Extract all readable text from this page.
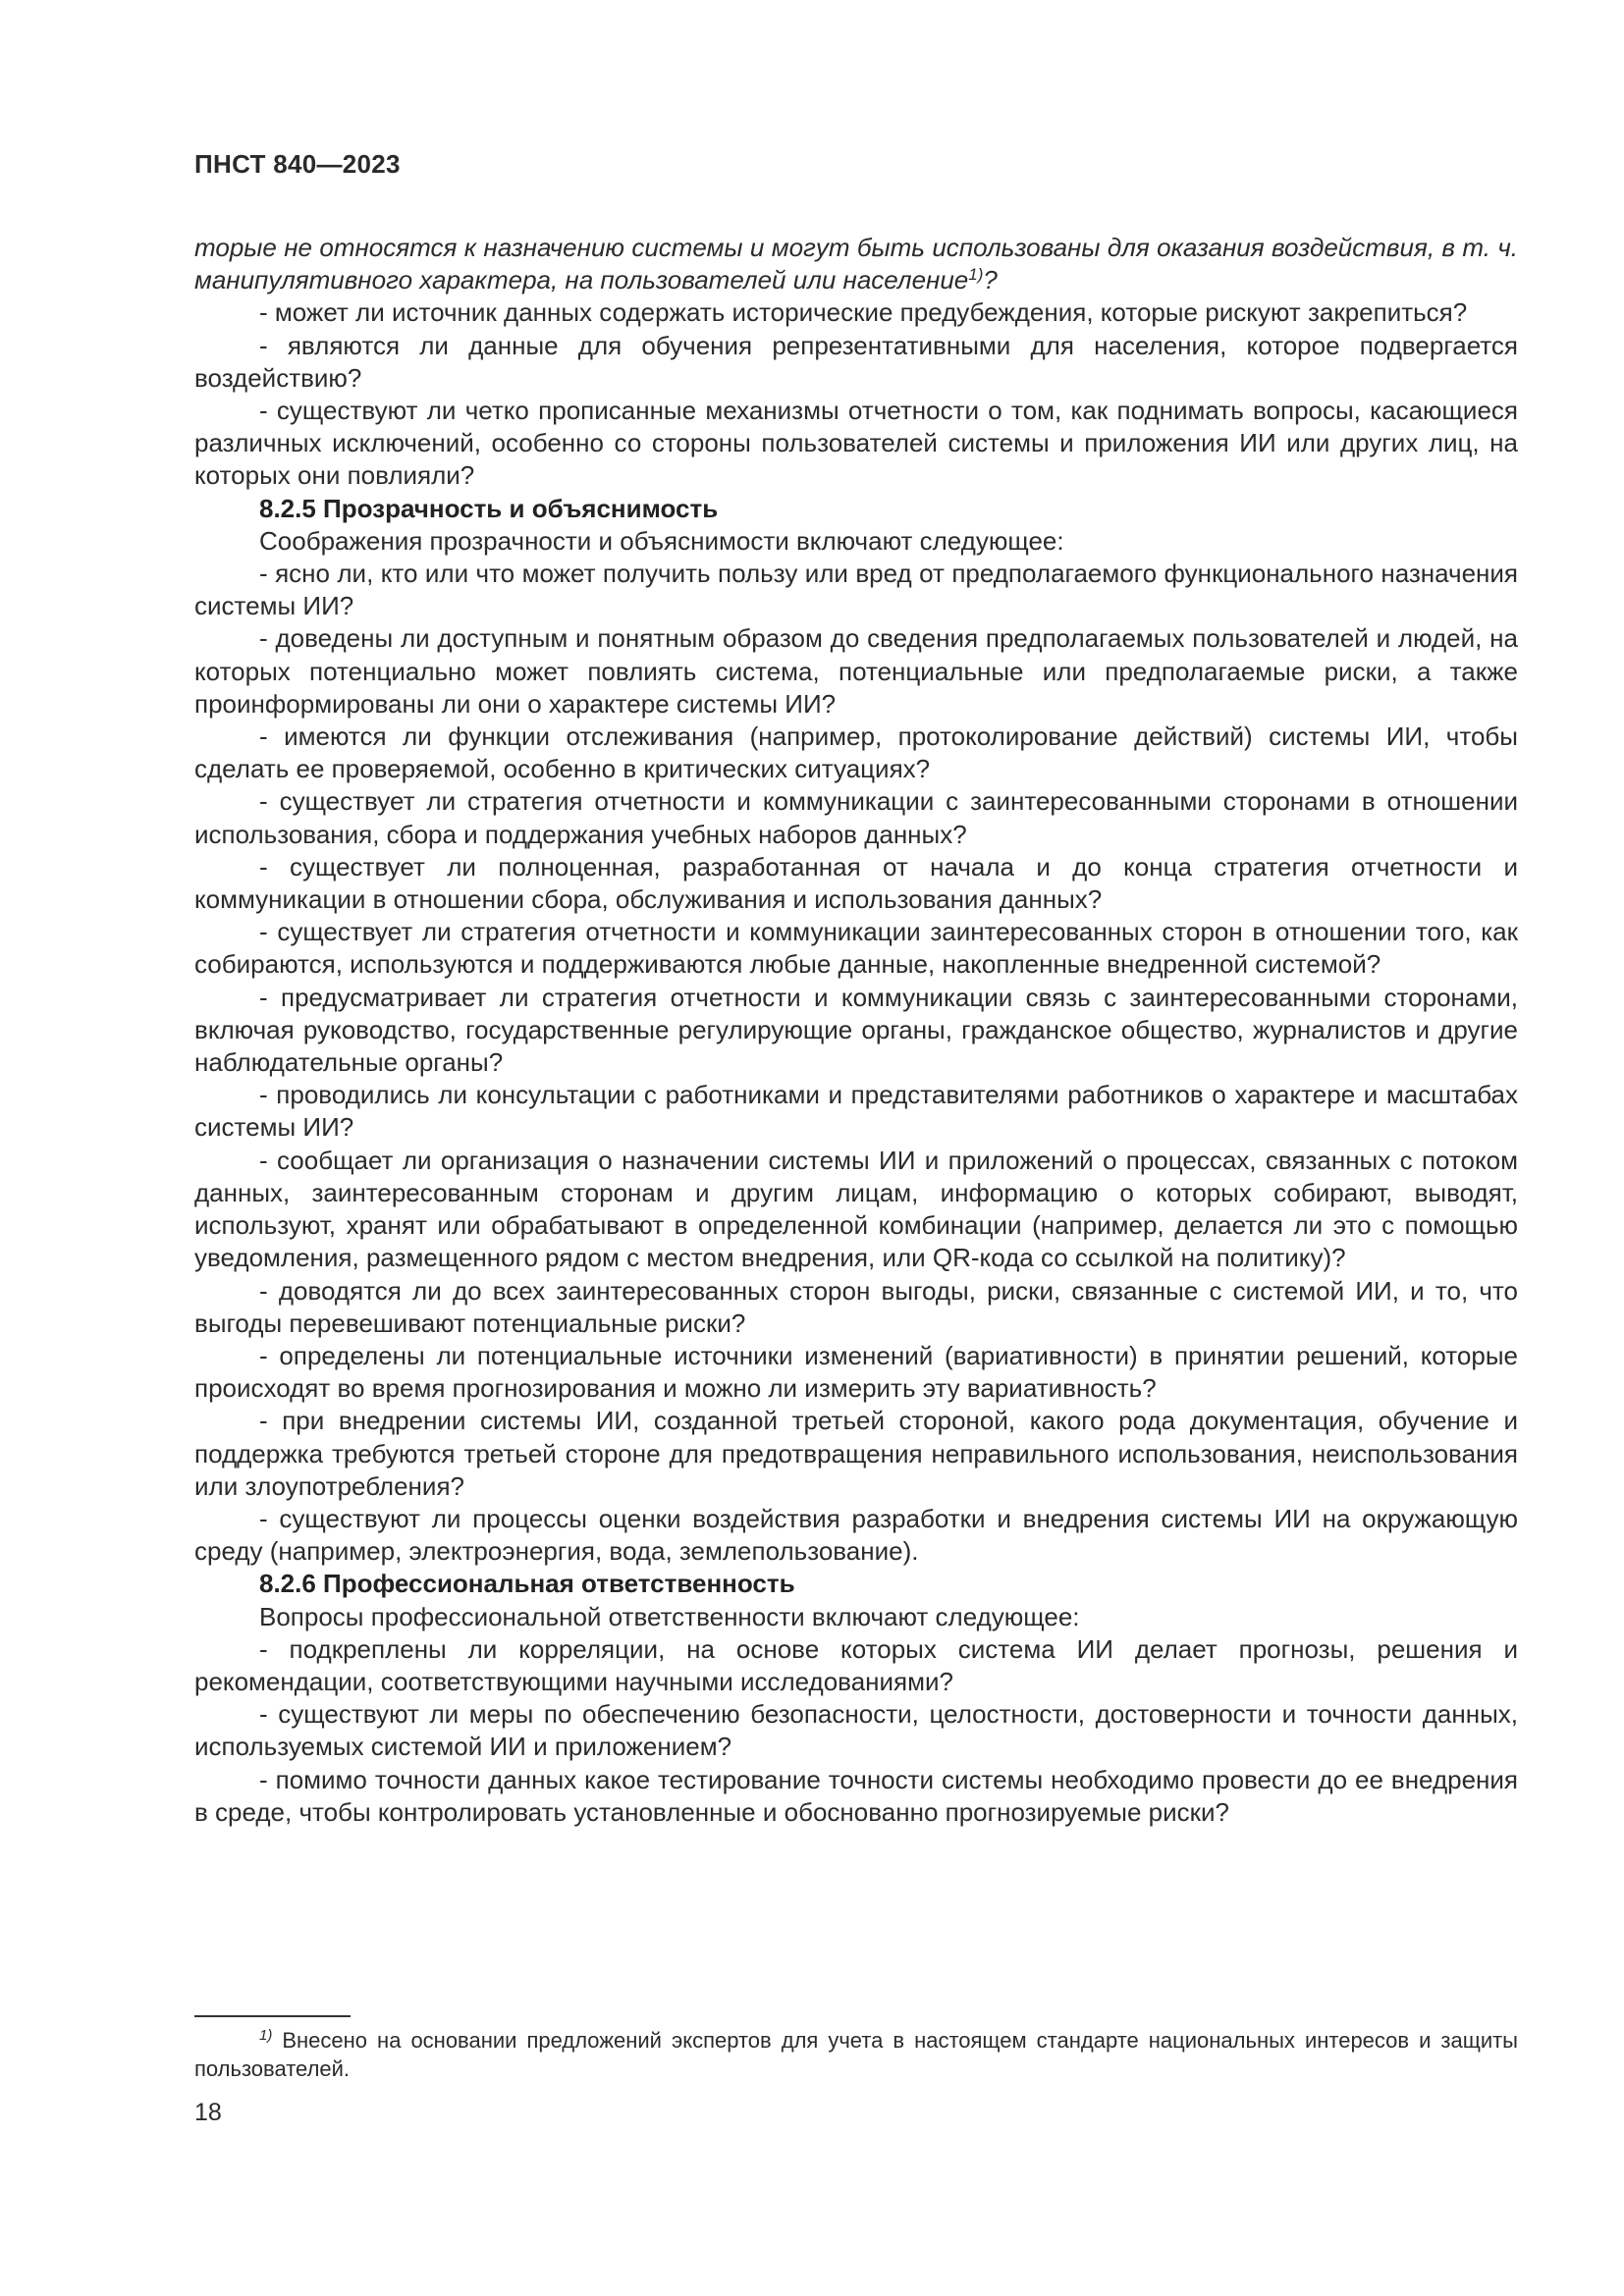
ПНСТ 840—2023

торые не относятся к назначению системы и могут быть использованы для оказания воздействия, в т. ч. манипулятивного характера, на пользователей или население$^{1)}$?

- может ли источник данных содержать исторические предубеждения, которые рискуют закрепиться?

- являются ли данные для обучения репрезентативными для населения, которое подвергается воздействию?

- существуют ли четко прописанные механизмы отчетности о том, как поднимать вопросы, касающиеся различных исключений, особенно со стороны пользователей системы и приложения ИИ или других лиц, на которых они повлияли?

8.2.5 Прозрачность и объяснимость

Соображения прозрачности и объяснимости включают следующее:

- ясно ли, кто или что может получить пользу или вред от предполагаемого функционального назначения системы ИИ?

- доведены ли доступным и понятным образом до сведения предполагаемых пользователей и людей, на которых потенциально может повлиять система, потенциальные или предполагаемые риски, а также проинформированы ли они о характере системы ИИ?

- имеются ли функции отслеживания (например, протоколирование действий) системы ИИ, чтобы сделать ее проверяемой, особенно в критических ситуациях?

- существует ли стратегия отчетности и коммуникации с заинтересованными сторонами в отношении использования, сбора и поддержания учебных наборов данных?

- существует ли полноценная, разработанная от начала и до конца стратегия отчетности и коммуникации в отношении сбора, обслуживания и использования данных?

- существует ли стратегия отчетности и коммуникации заинтересованных сторон в отношении того, как собираются, используются и поддерживаются любые данные, накопленные внедренной системой?

- предусматривает ли стратегия отчетности и коммуникации связь с заинтересованными сторонами, включая руководство, государственные регулирующие органы, гражданское общество, журналистов и другие наблюдательные органы?

- проводились ли консультации с работниками и представителями работников о характере и масштабах системы ИИ?

- сообщает ли организация о назначении системы ИИ и приложений о процессах, связанных с потоком данных, заинтересованным сторонам и другим лицам, информацию о которых собирают, выводят, используют, хранят или обрабатывают в определенной комбинации (например, делается ли это с помощью уведомления, размещенного рядом с местом внедрения, или QR-кода со ссылкой на политику)?

- доводятся ли до всех заинтересованных сторон выгоды, риски, связанные с системой ИИ, и то, что выгоды перевешивают потенциальные риски?

- определены ли потенциальные источники изменений (вариативности) в принятии решений, которые происходят во время прогнозирования и можно ли измерить эту вариативность?

- при внедрении системы ИИ, созданной третьей стороной, какого рода документация, обучение и поддержка требуются третьей стороне для предотвращения неправильного использования, неиспользования или злоупотребления?

- существуют ли процессы оценки воздействия разработки и внедрения системы ИИ на окружающую среду (например, электроэнергия, вода, землепользование).

8.2.6 Профессиональная ответственность

Вопросы профессиональной ответственности включают следующее:

- подкреплены ли корреляции, на основе которых система ИИ делает прогнозы, решения и рекомендации, соответствующими научными исследованиями?

- существуют ли меры по обеспечению безопасности, целостности, достоверности и точности данных, используемых системой ИИ и приложением?

- помимо точности данных какое тестирование точности системы необходимо провести до ее внедрения в среде, чтобы контролировать установленные и обоснованно прогнозируемые риски?

$^{1)}$ Внесено на основании предложений экспертов для учета в настоящем стандарте национальных интересов и защиты пользователей.
18
